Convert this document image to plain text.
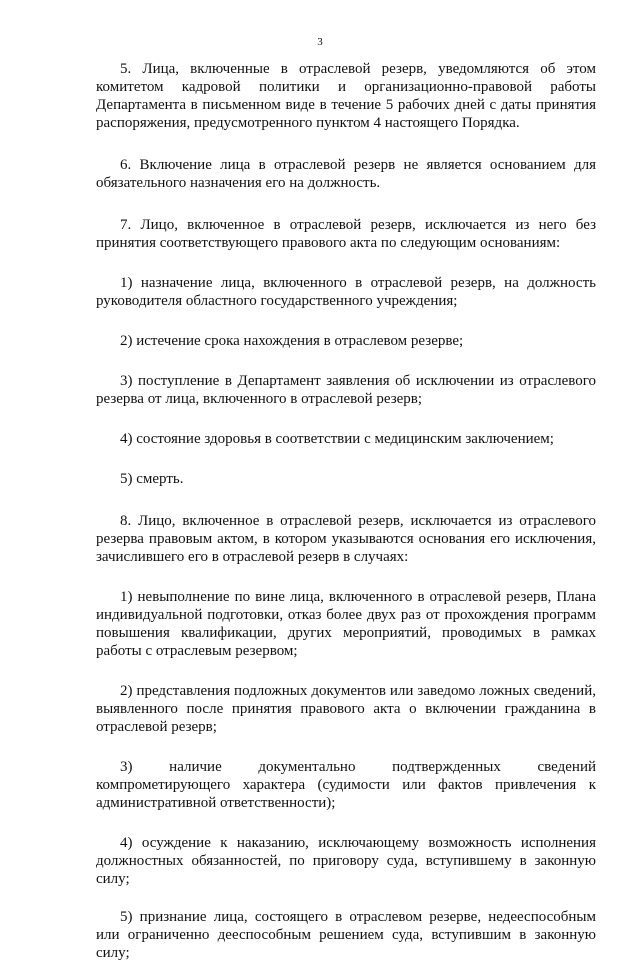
3

5. Лица, включенные в отраслевой резерв, уведомляются об этом комитетом кадровой политики и организационно-правовой работы Департамента в письменном виде в течение 5 рабочих дней с даты принятия распоряжения, предусмотренного пунктом 4 настоящего Порядка.

6. Включение лица в отраслевой резерв не является основанием для обязательного назначения его на должность.

7. Лицо, включенное в отраслевой резерв, исключается из него без принятия соответствующего правового акта по следующим основаниям:

1) назначение лица, включенного в отраслевой резерв, на должность руководителя областного государственного учреждения;

2) истечение срока нахождения в отраслевом резерве;

3) поступление в Департамент заявления об исключении из отраслевого резерва от лица, включенного в отраслевой резерв;

4) состояние здоровья в соответствии с медицинским заключением;

5) смерть.

8. Лицо, включенное в отраслевой резерв, исключается из отраслевого резерва правовым актом, в котором указываются основания его исключения, зачислившего его в отраслевой резерв в случаях:

1) невыполнение по вине лица, включенного в отраслевой резерв, Плана индивидуальной подготовки, отказ более двух раз от прохождения программ повышения квалификации, других мероприятий, проводимых в рамках работы с отраслевым резервом;

2) представления подложных документов или заведомо ложных сведений, выявленного после принятия правового акта о включении гражданина в отраслевой резерв;

3) наличие документально подтвержденных сведений компрометирующего характера (судимости или фактов привлечения к административной ответственности);

4) осуждение к наказанию, исключающему возможность исполнения должностных обязанностей, по приговору суда, вступившему в законную силу;

5) признание лица, состоящего в отраслевом резерве, недееспособным или ограниченно дееспособным решением суда, вступившим в законную силу;
